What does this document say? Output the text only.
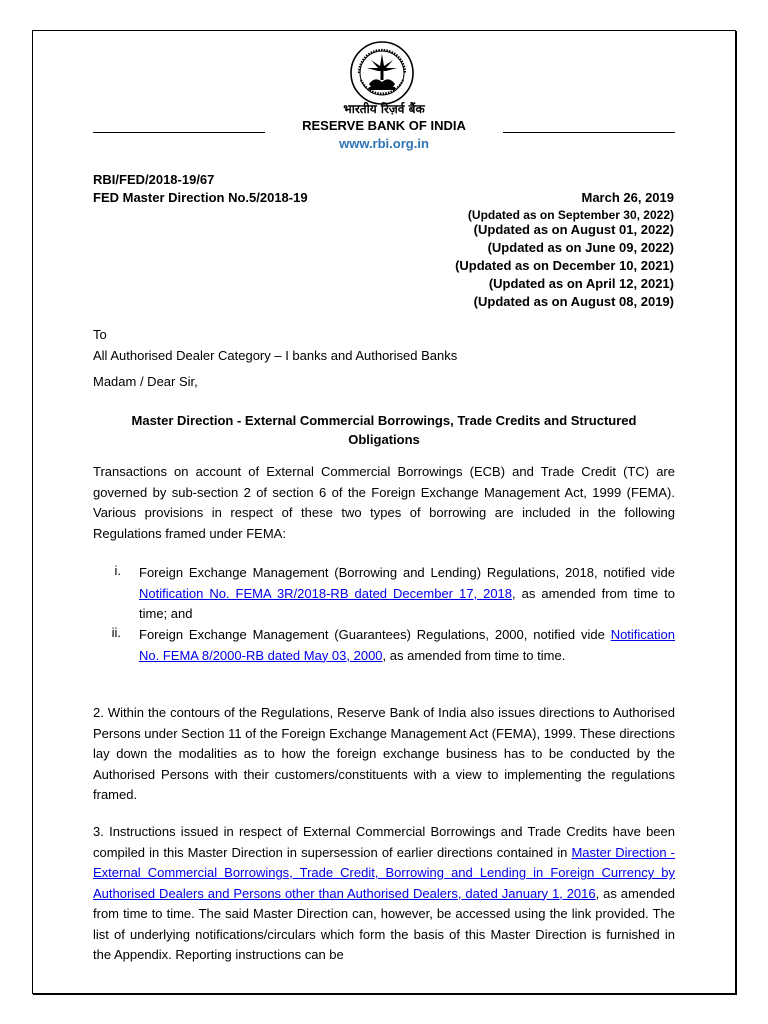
भारतीय रिज़र्व बैंक
RESERVE BANK OF INDIA
www.rbi.org.in
RBI/FED/2018-19/67
FED Master Direction No.5/2018-19	March 26, 2019
(Updated as on September 30, 2022)
(Updated as on August 01, 2022)
(Updated as on June 09, 2022)
(Updated as on December 10, 2021)
(Updated as on April 12, 2021)
(Updated as on August 08, 2019)
To
All Authorised Dealer Category – I banks and Authorised Banks
Madam / Dear Sir,
Master Direction - External Commercial Borrowings, Trade Credits and Structured
Obligations
Transactions on account of External Commercial Borrowings (ECB) and Trade Credit (TC) are governed by sub-section 2 of section 6 of the Foreign Exchange Management Act, 1999 (FEMA). Various provisions in respect of these two types of borrowing are included in the following Regulations framed under FEMA:
i. Foreign Exchange Management (Borrowing and Lending) Regulations, 2018, notified vide Notification No. FEMA 3R/2018-RB dated December 17, 2018, as amended from time to time; and
ii. Foreign Exchange Management (Guarantees) Regulations, 2000, notified vide Notification No. FEMA 8/2000-RB dated May 03, 2000, as amended from time to time.
2. Within the contours of the Regulations, Reserve Bank of India also issues directions to Authorised Persons under Section 11 of the Foreign Exchange Management Act (FEMA), 1999. These directions lay down the modalities as to how the foreign exchange business has to be conducted by the Authorised Persons with their customers/constituents with a view to implementing the regulations framed.
3. Instructions issued in respect of External Commercial Borrowings and Trade Credits have been compiled in this Master Direction in supersession of earlier directions contained in Master Direction - External Commercial Borrowings, Trade Credit, Borrowing and Lending in Foreign Currency by Authorised Dealers and Persons other than Authorised Dealers, dated January 1, 2016, as amended from time to time. The said Master Direction can, however, be accessed using the link provided. The list of underlying notifications/circulars which form the basis of this Master Direction is furnished in the Appendix. Reporting instructions can be
